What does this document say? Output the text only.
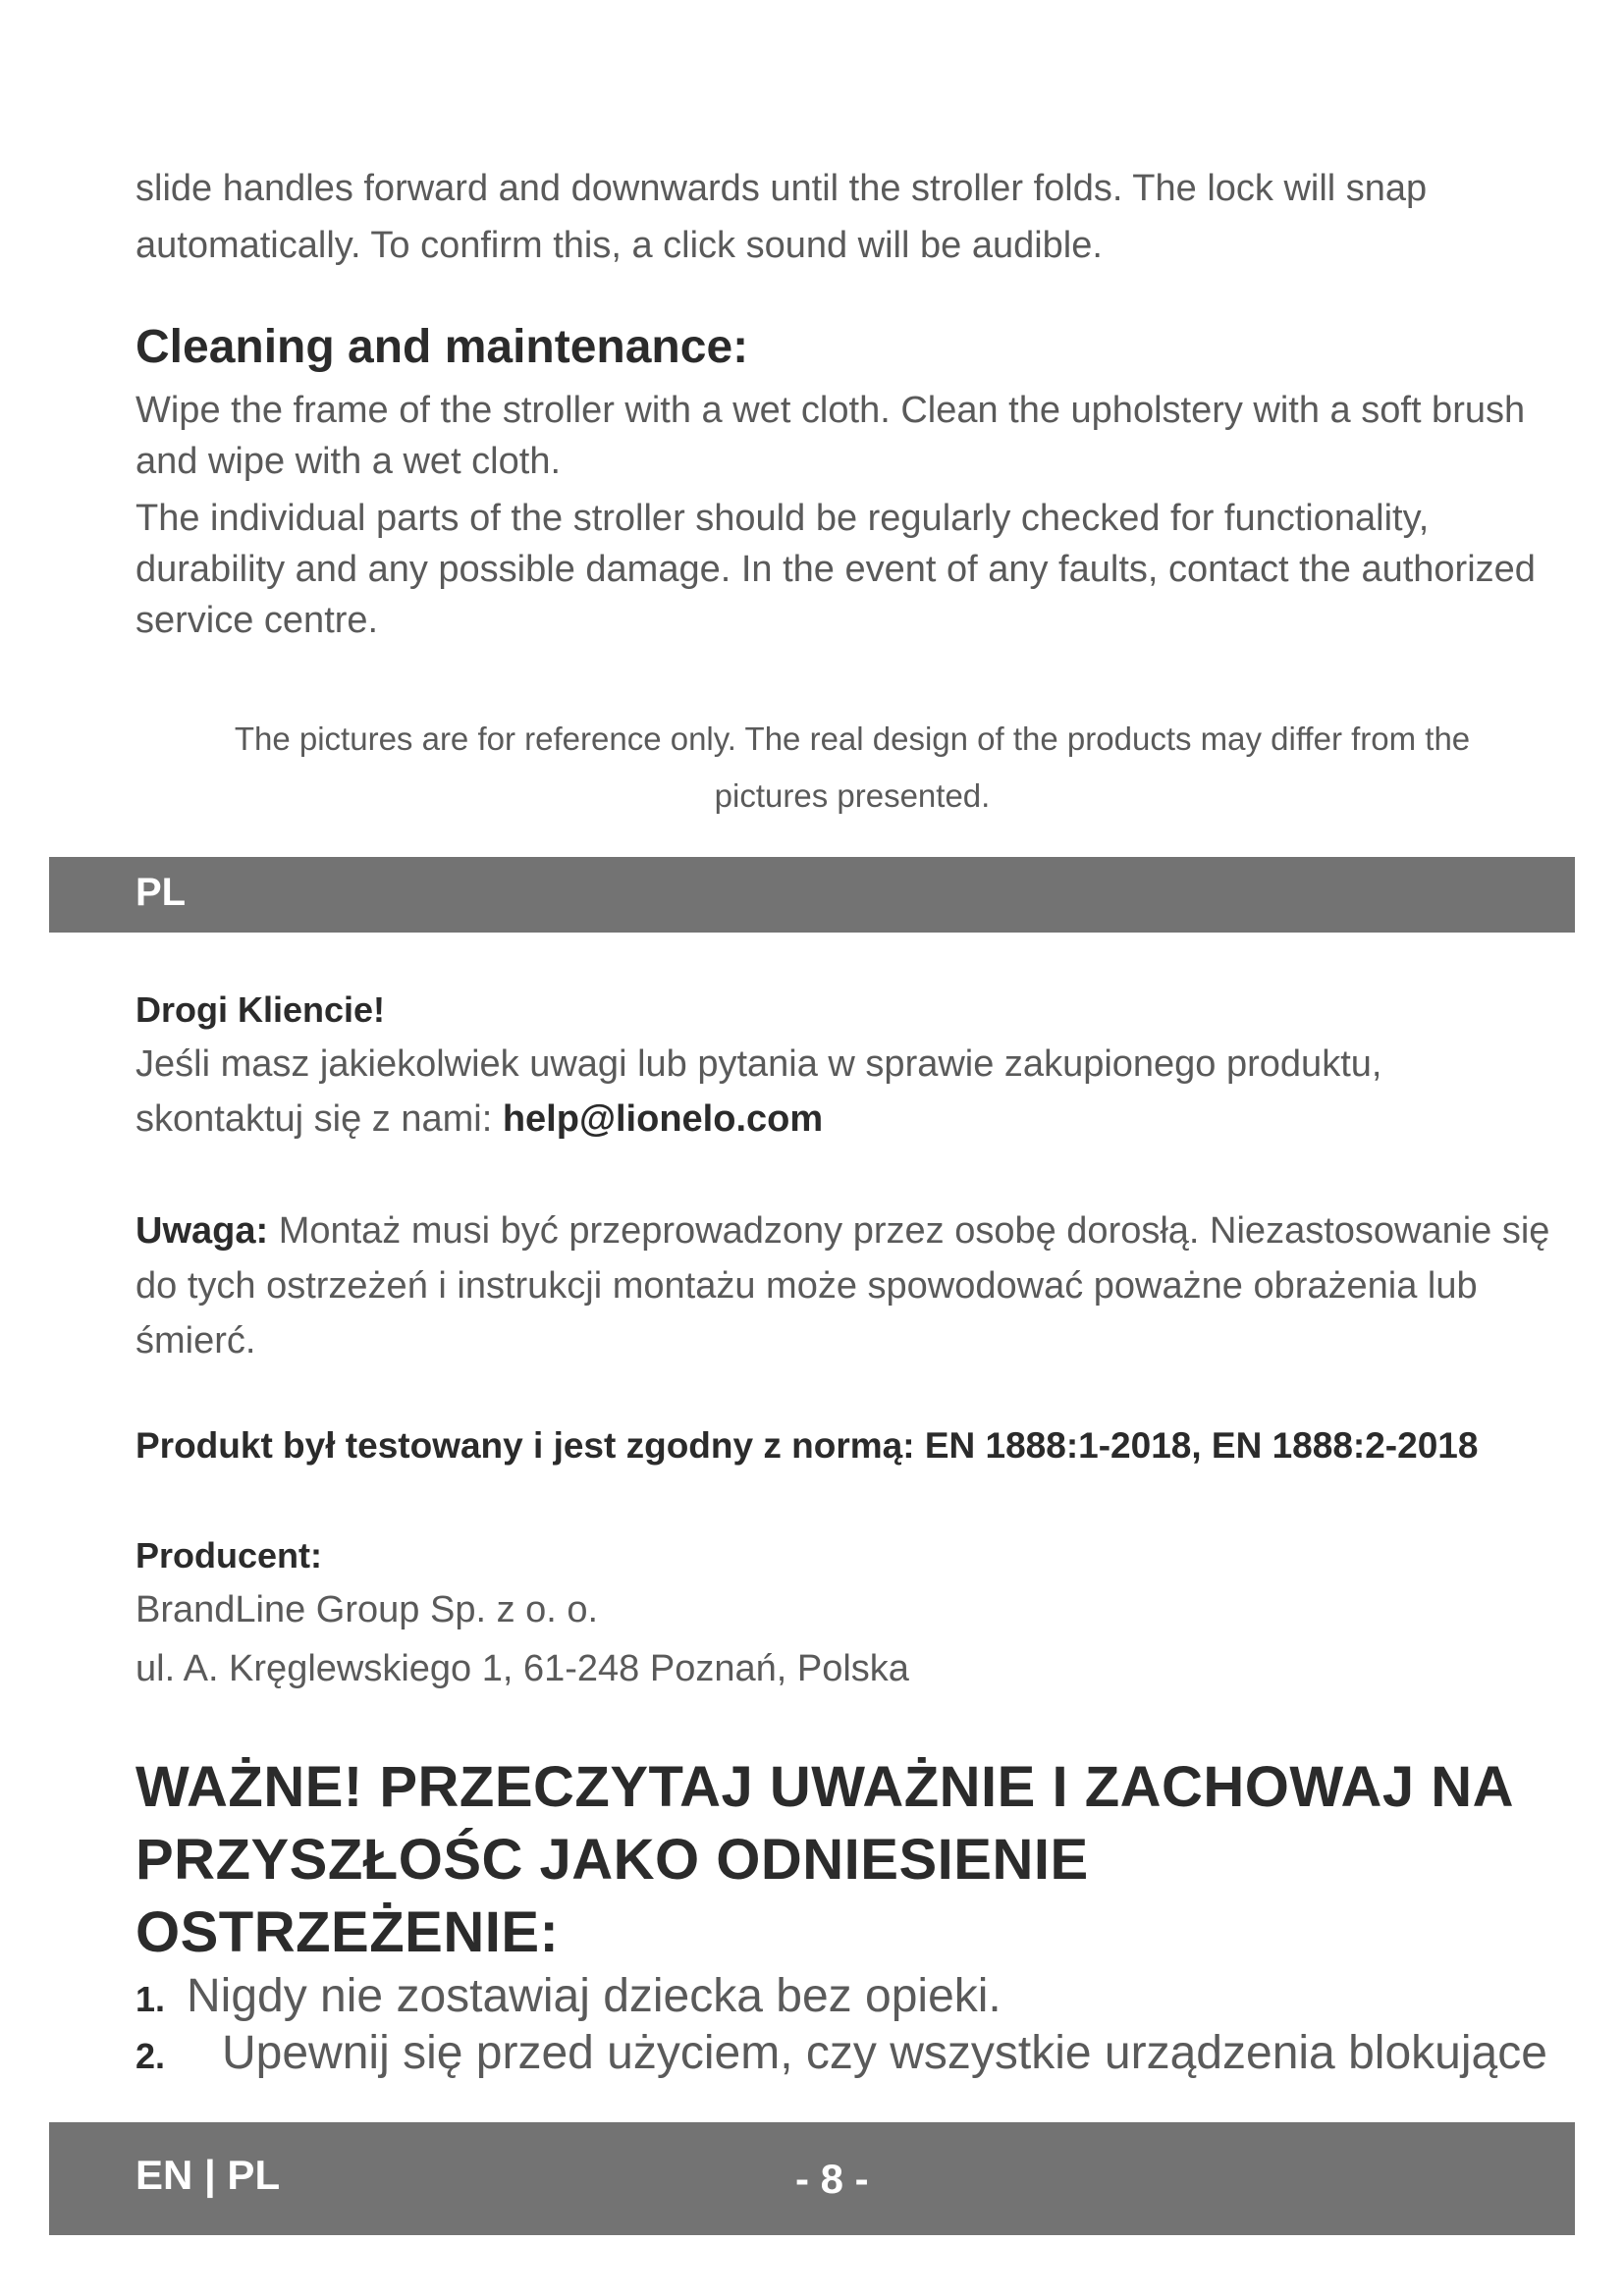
slide handles forward and downwards until the stroller folds. The lock will snap

automatically. To confirm this, a click sound will be audible.

Cleaning and maintenance:

Wipe the frame of the stroller with a wet cloth. Clean the upholstery with a soft brush and wipe with a wet cloth.

The individual parts of the stroller should be regularly checked for functionality, durability and any possible damage. In the event of any faults, contact the authorized service centre.

The pictures are for reference only. The real design of the products may differ from the

pictures presented.

PL
Drogi Kliencie!

Jeśli masz jakiekolwiek uwagi lub pytania w sprawie zakupionego produktu, skontaktuj się z nami: help@lionelo.com

Uwaga: Montaż musi być przeprowadzony przez osobę dorosłą. Niezastosowanie się do tych ostrzeżeń i instrukcji montażu może spowodować poważne obrażenia lub śmierć.

Produkt był testowany i jest zgodny z normą: EN 1888:1-2018, EN 1888:2-2018

Producent:

BrandLine Group Sp. z o. o.

ul. A. Kręglewskiego 1, 61-248 Poznań, Polska

WAŻNE! PRZECZYTAJ UWAŻNIE I ZACHOWAJ NA
PRZYSZŁOŚC JAKO ODNIESIENIE
OSTRZEŻENIE:

1. Nigdy nie zostawiaj dziecka bez opieki.

2. Upewnij się przed użyciem, czy wszystkie urządzenia blokujące

EN | PL	- 8 -
